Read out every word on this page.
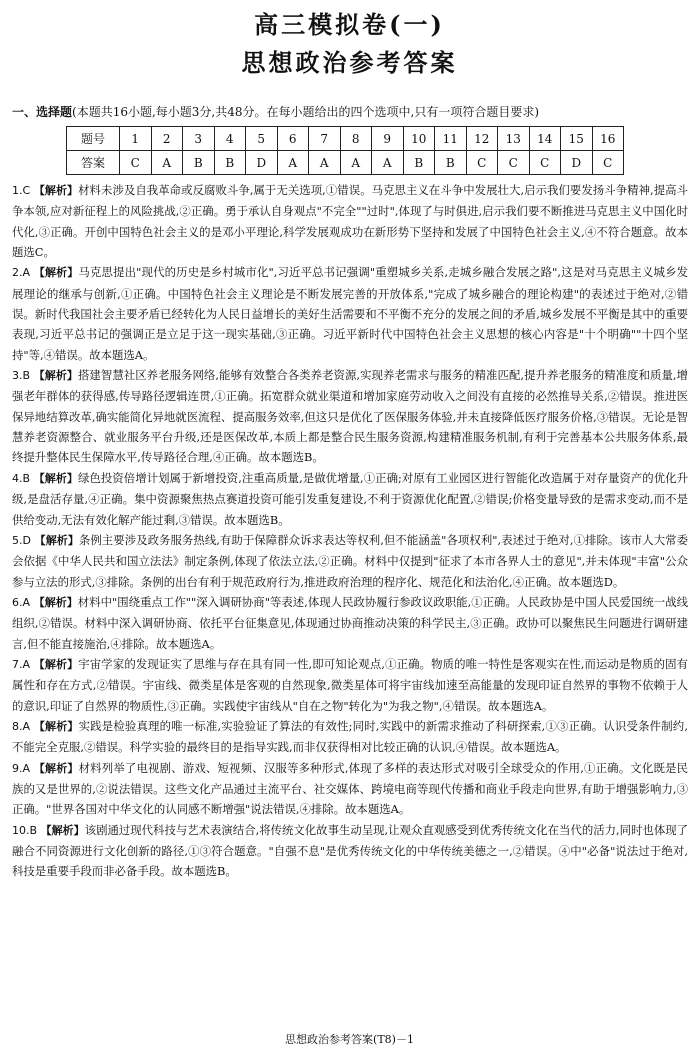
高三模拟卷(一)
思想政治参考答案
一、选择题(本题共16小题,每小题3分,共48分。在每小题给出的四个选项中,只有一项符合题目要求)
题号	1	2	3	4	5	6	7	8	9	10	11	12	13	14	15	16
答案	C	A	B	B	D	A	A	A	A	B	B	C	C	C	D	C
1.C 【解析】材料未涉及自我革命或反腐败斗争,属于无关选项,①错误。马克思主义在斗争中发展壮大,启示我们要发扬斗争精神,提高斗争本领,应对新征程上的风险挑战,②正确。勇于承认自身观点"不完全""过时",体现了与时俱进,启示我们要不断推进马克思主义中国化时代化,③正确。开创中国特色社会主义的是邓小平理论,科学发展观成功在新形势下坚持和发展了中国特色社会主义,④不符合题意。故本题选C。
2.A 【解析】马克思提出"现代的历史是乡村城市化",习近平总书记强调"重塑城乡关系,走城乡融合发展之路",这是对马克思主义城乡发展理论的继承与创新,①正确。中国特色社会主义理论是不断发展完善的开放体系,"完成了城乡融合的理论构建"的表述过于绝对,②错误。新时代我国社会主要矛盾已经转化为人民日益增长的美好生活需要和不平衡不充分的发展之间的矛盾,城乡发展不平衡是其中的重要表现,习近平总书记的强调正是立足于这一现实基础,③正确。习近平新时代中国特色社会主义思想的核心内容是"十个明确""十四个坚持"等,④错误。故本题选A。
3.B 【解析】搭建智慧社区养老服务网络,能够有效整合各类养老资源,实现养老需求与服务的精准匹配,提升养老服务的精准度和质量,增强老年群体的获得感,传导路径逻辑连贯,①正确。拓宽群众就业渠道和增加家庭劳动收入之间没有直接的必然推导关系,②错误。推进医保异地结算改革,确实能简化异地就医流程、提高服务效率,但这只是优化了医保服务体验,并未直接降低医疗服务价格,③错误。无论是智慧养老资源整合、就业服务平台升级,还是医保改革,本质上都是整合民生服务资源,构建精准服务机制,有利于完善基本公共服务体系,最终提升整体民生保障水平,传导路径合理,④正确。故本题选B。
4.B 【解析】绿色投资倍增计划属于新增投资,注重高质量,是做优增量,①正确;对原有工业园区进行智能化改造属于对存量资产的优化升级,是盘活存量,④正确。集中资源聚焦热点赛道投资可能引发重复建设,不利于资源优化配置,②错误;价格变量导致的是需求变动,而不是供给变动,无法有效化解产能过剩,③错误。故本题选B。
5.D 【解析】条例主要涉及政务服务热线,有助于保障群众诉求表达等权利,但不能涵盖"各项权利",表述过于绝对,①排除。该市人大常委会依据《中华人民共和国立法法》制定条例,体现了依法立法,②正确。材料中仅提到"征求了本市各界人士的意见",并未体现"丰富"公众参与立法的形式,③排除。条例的出台有利于规范政府行为,推进政府治理的程序化、规范化和法治化,④正确。故本题选D。
6.A 【解析】材料中"围绕重点工作""深入调研协商"等表述,体现人民政协履行参政议政职能,①正确。人民政协是中国人民爱国统一战线组织,②错误。材料中深入调研协商、依托平台征集意见,体现通过协商推动决策的科学民主,③正确。政协可以聚焦民生问题进行调研建言,但不能直接施治,④排除。故本题选A。
7.A 【解析】宇宙学家的发现证实了思维与存在具有同一性,即可知论观点,①正确。物质的唯一特性是客观实在性,而运动是物质的固有属性和存在方式,②错误。宇宙线、微类星体是客观的自然现象,微类星体可将宇宙线加速至高能量的发现印证自然界的事物不依赖于人的意识,印证了自然界的物质性,③正确。实践使宇宙线从"自在之物"转化为"为我之物",④错误。故本题选A。
8.A 【解析】实践是检验真理的唯一标准,实验验证了算法的有效性;同时,实践中的新需求推动了科研探索,①③正确。认识受条件制约,不能完全克服,②错误。科学实验的最终目的是指导实践,而非仅获得相对比较正确的认识,④错误。故本题选A。
9.A 【解析】材料列举了电视剧、游戏、短视频、汉服等多种形式,体现了多样的表达形式对吸引全球受众的作用,①正确。文化既是民族的又是世界的,②说法错误。这些文化产品通过主流平台、社交媒体、跨境电商等现代传播和商业手段走向世界,有助于增强影响力,③正确。"世界各国对中华文化的认同感不断增强"说法错误,④排除。故本题选A。
10.B 【解析】该剧通过现代科技与艺术表演结合,将传统文化故事生动呈现,让观众直观感受到优秀传统文化在当代的活力,同时也体现了融合不同资源进行文化创新的路径,①③符合题意。"自强不息"是优秀传统文化的中华传统美德之一,②错误。④中"必备"说法过于绝对,科技是重要手段而非必备手段。故本题选B。
思想政治参考答案(T8)－1
